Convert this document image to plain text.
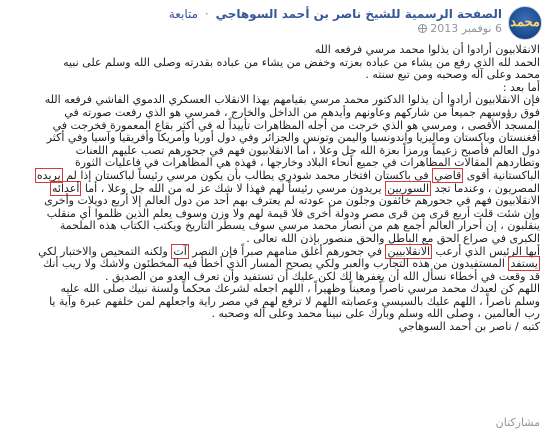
محمد
الصفحة الرسمية للشيخ ناصر بن أحمد السوهاجي · متابعة
6 نوفمبر 2013

الانقلابيون أرادوا أن يذلوا محمد مرسي فرفعه الله

الحمد لله الذي رفع من يشاء من عباده بعزته وخفض من يشاء من عباده بقدرته وصلى الله وسلم على نبيه

محمد وعلى آله وصحبه ومن تبع سنته .

أما بعد :

فإن الانقلابيون أرادوا أن يذلوا الدكتور محمد مرسي بقيامهم بهذا الانقلاب العسكري الدموي الفاشي فرفعه الله

فوق رؤوسهم جميعاً من شاركهم وعاونهم وأيدهم من الداخل والخارج ، فمرسي هو الذي رفعت صورته في

المسجد الأقصى ، ومرسي هو الذي خرجت من أجله المظاهرات تأييداً له في أكثر بقاع المعمورة فخرجت في

أفغنستان وباكستان وماليزيا واندونسيا واليمن وتونس والجزائر وفي دول أوربا وأمريكا وأفريقيا وآسيا وفي أكثر

دول العالم فأصبح زعيماً ورمزاً بعزة الله جل وعلا ، أما الانقلابيون فهم في جحورهم تصب عليهم اللعنات

وتطاردهم المقالات المظاهرات في جميع أنحاء البلاد وخارجها ، فهذه هي المظاهرات في فاعليات الثورة

الباكستانية أقوى قاضي في باكستان افتخار محمد شودري يطالب بأن يكون مرسي رئيساً لباكستان إذا لم يريده

المصريون ، وعندما تجد السوريين يريدون مرسي رئيساً لهم فهذا لا شك عز له من الله جل وعلا ، أما أعدائه

الانقلابيون فهم في جحورهم خائفون وجلون من عودته لم يعترف بهم أحد من دول العالم إلا أربع دويلات وأخرى

وإن شئت قلت أربع قرى من قرى مصر ودولة أخرى فلا قيمة لهم ولا وزن وسوف يعلم الذين ظلموا أي منقلب

ينقلبون ، إن أحرار العالم أجمع هم من أنصار محمد مرسي سوف يسطر التاريخ ويكتب الكتاب هذه الملحمة

الكبرى في صراع الحق مع الباطل والحق منصور بإذن الله تعالى .

أيها الرئيس الذي أرعب الانقلابيين في جحورهم أغلق منامهم صبراً فإن النصر آت ولكنه التمحيص والاختبار لكي

يستفد المستفيدون من هذه التجارب والعبر ولكي يصحح المسار الذي أخطأ فيه المخطئون ولاشك ولا ريب أنك

قد وقعت في أخطاء نسأل الله أن يغفرها لك لكن عليك أن تستفيد وأن تعرف العدو من الصديق .

اللهم كن لعبدك محمد مرسي ناصراً ومعيناً وظهيراً ، اللهم اجعله لشرعك محكماً ولسنة نبيك صلى الله عليه

وسلم ناصراً ، اللهم عليك بالسيسي وعصابته اللهم لا ترفع لهم في مصر راية واجعلهم لمن خلفهم عبرة وآية يا

رب العالمين ، وصلى الله وسلم وبارك على نبينا محمد وعلى آله وصحبه .

كتبه / ناصر بن أحمد السوهاجي

مشاركتان
